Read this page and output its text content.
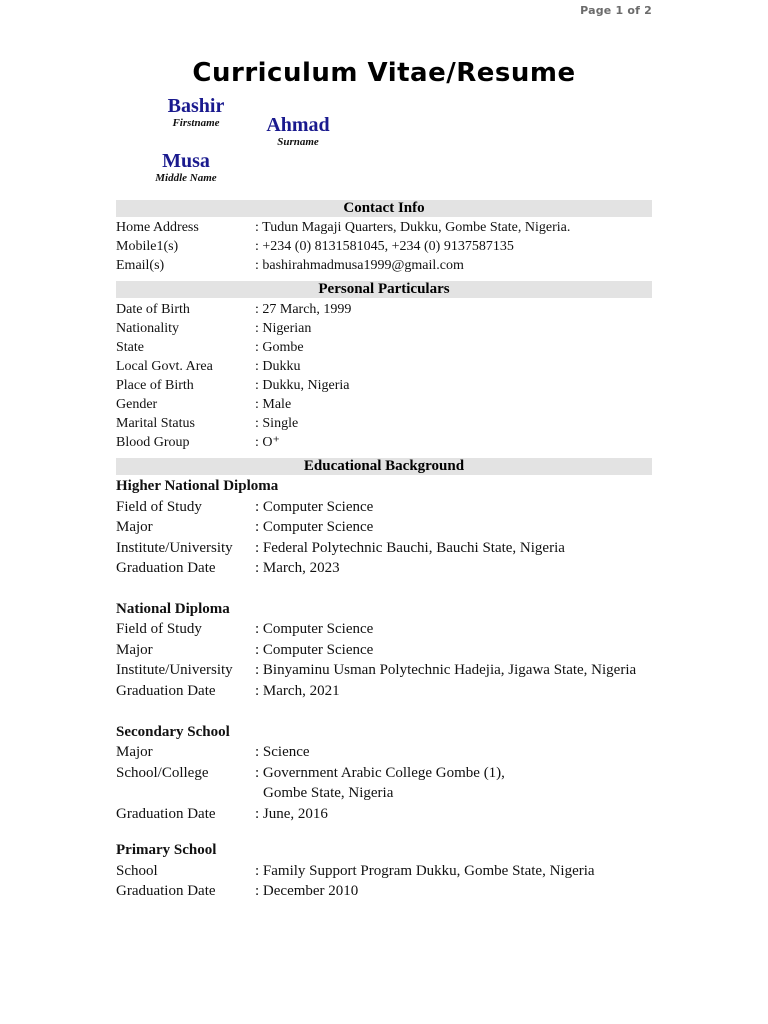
Page 1 of 2
Curriculum Vitae/Resume
Bashir
Firstname	Ahmad
Surname
Musa
Middle Name
Contact Info
Home Address	: Tudun Magaji Quarters, Dukku, Gombe State, Nigeria.
Mobile1(s)	: +234 (0) 8131581045, +234 (0) 9137587135
Email(s)	: bashirahmadmusa1999@gmail.com
Personal Particulars
Date of Birth	: 27 March, 1999
Nationality	: Nigerian
State	: Gombe
Local Govt. Area	: Dukku
Place of Birth	: Dukku, Nigeria
Gender	: Male
Marital Status	: Single
Blood Group	: O⁺
Educational Background
Higher National Diploma
Field of Study	: Computer Science
Major	: Computer Science
Institute/University : Federal Polytechnic Bauchi, Bauchi State, Nigeria
Graduation Date	: March, 2023
National Diploma
Field of Study	: Computer Science
Major	: Computer Science
Institute/University : Binyaminu Usman Polytechnic Hadejia, Jigawa State, Nigeria
Graduation Date	: March, 2021
Secondary School
Major	: Science
School/College	: Government Arabic College Gombe (1),
Gombe State, Nigeria
Graduation Date	: June, 2016
Primary School
School	: Family Support Program Dukku, Gombe State, Nigeria
Graduation Date	: December 2010
